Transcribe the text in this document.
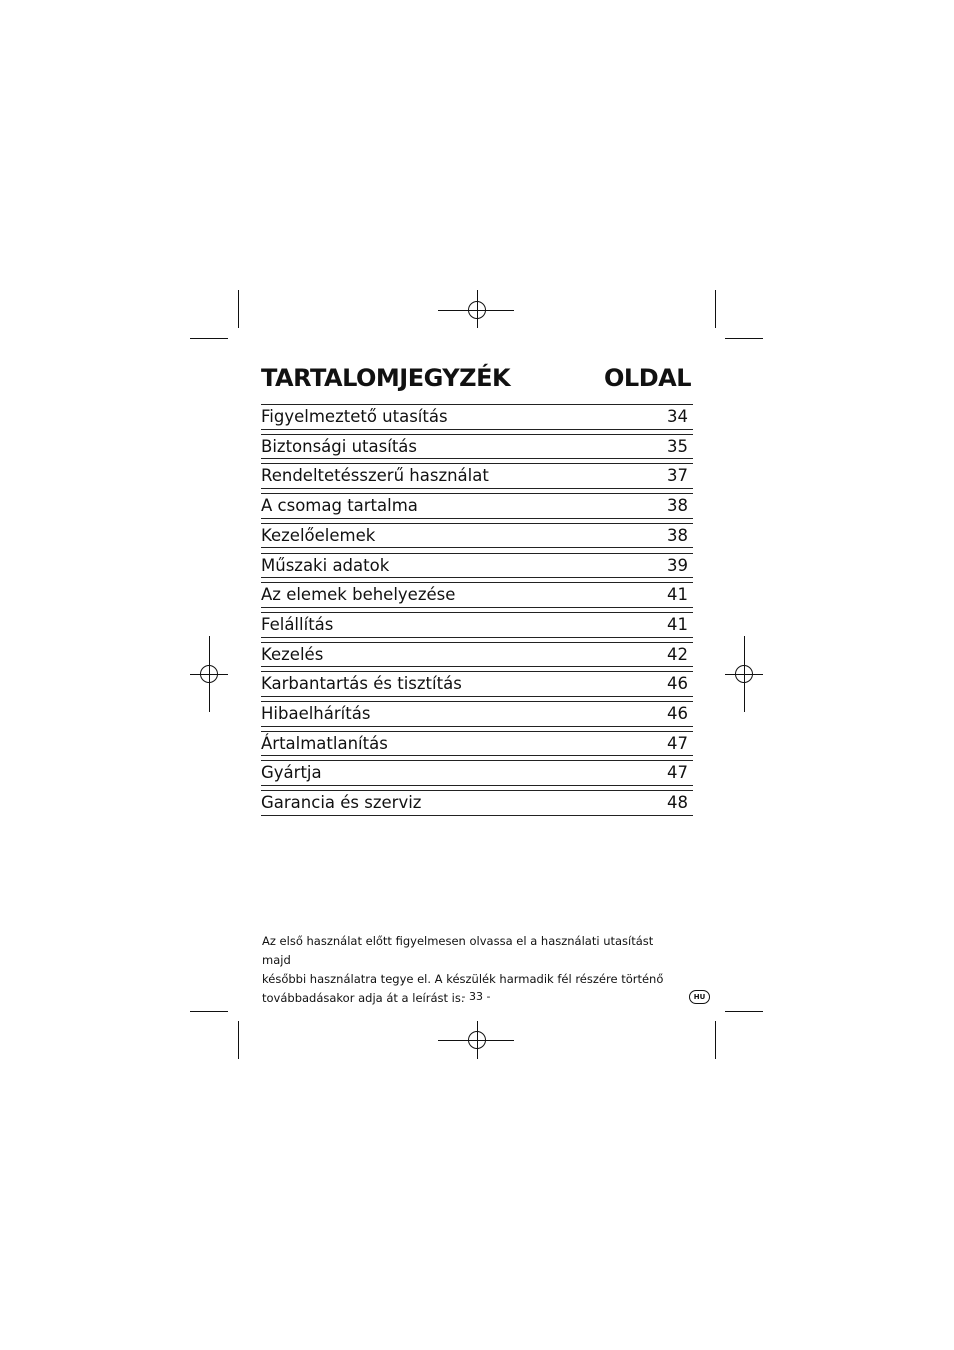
TARTALOMJEGYZÉK	OLDAL
Figyelmeztető utasítás	34
Biztonsági utasítás	35
Rendeltetésszerű használat	37
A csomag tartalma	38
Kezelőelemek	38
Műszaki adatok	39
Az elemek behelyezése	41
Felállítás	41
Kezelés	42
Karbantartás és tisztítás	46
Hibaelhárítás	46
Ártalmatlanítás	47
Gyártja	47
Garancia és szerviz	48
Az első használat előtt figyelmesen olvassa el a használati utasítást majd
későbbi használatra tegye el. A készülék harmadik fél részére történő
továbbadásakor adja át a leírást is.
- 33 -	HU
